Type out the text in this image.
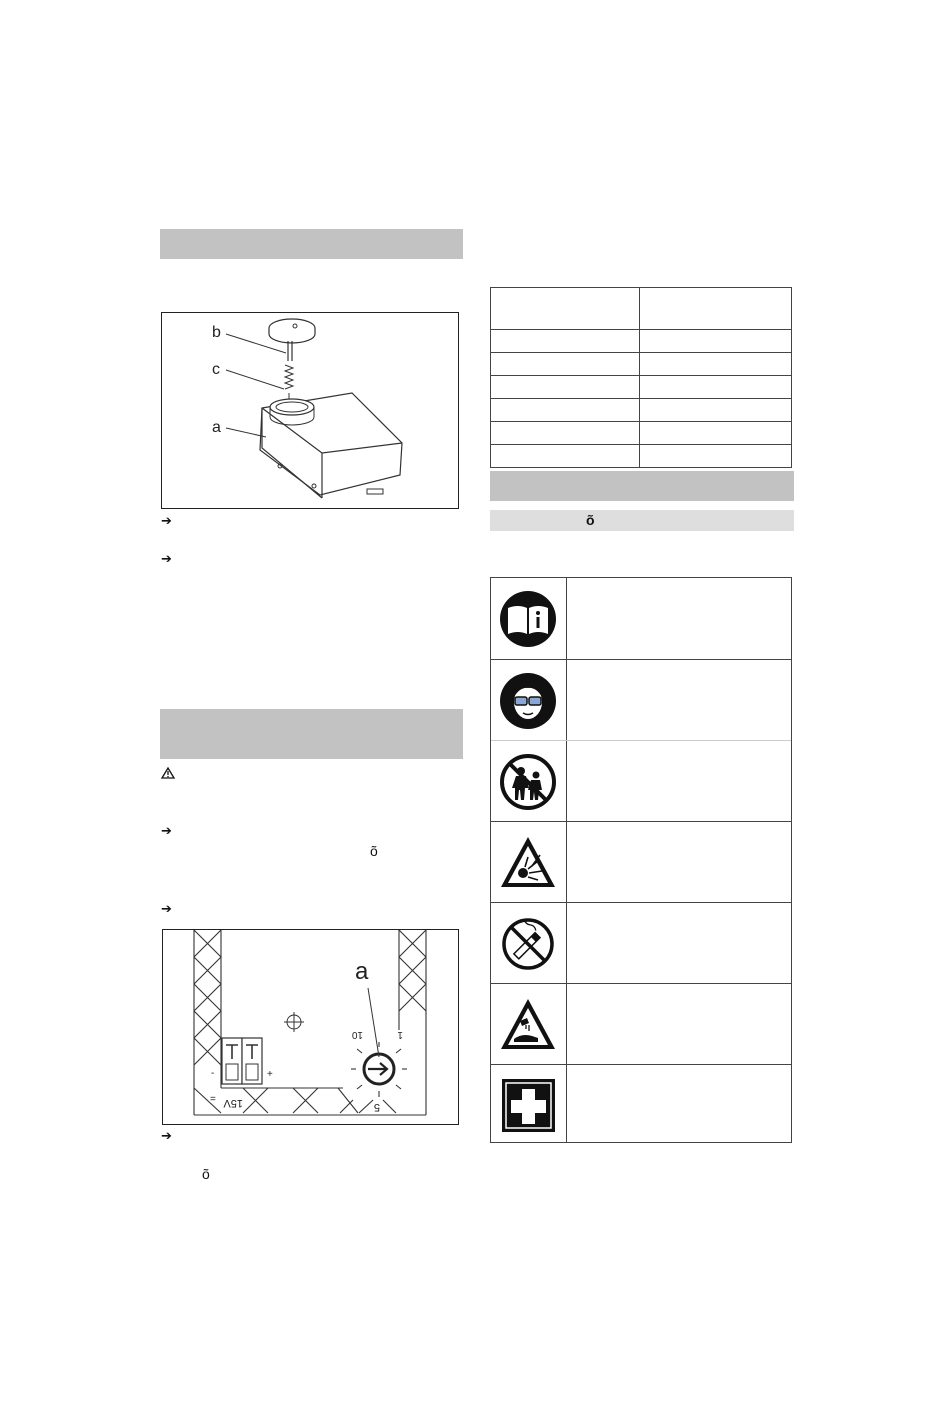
b
c
a
➔
➔
➔
õ
➔
+
-
15V
=
10	1
5
a
➔
õ

õ
